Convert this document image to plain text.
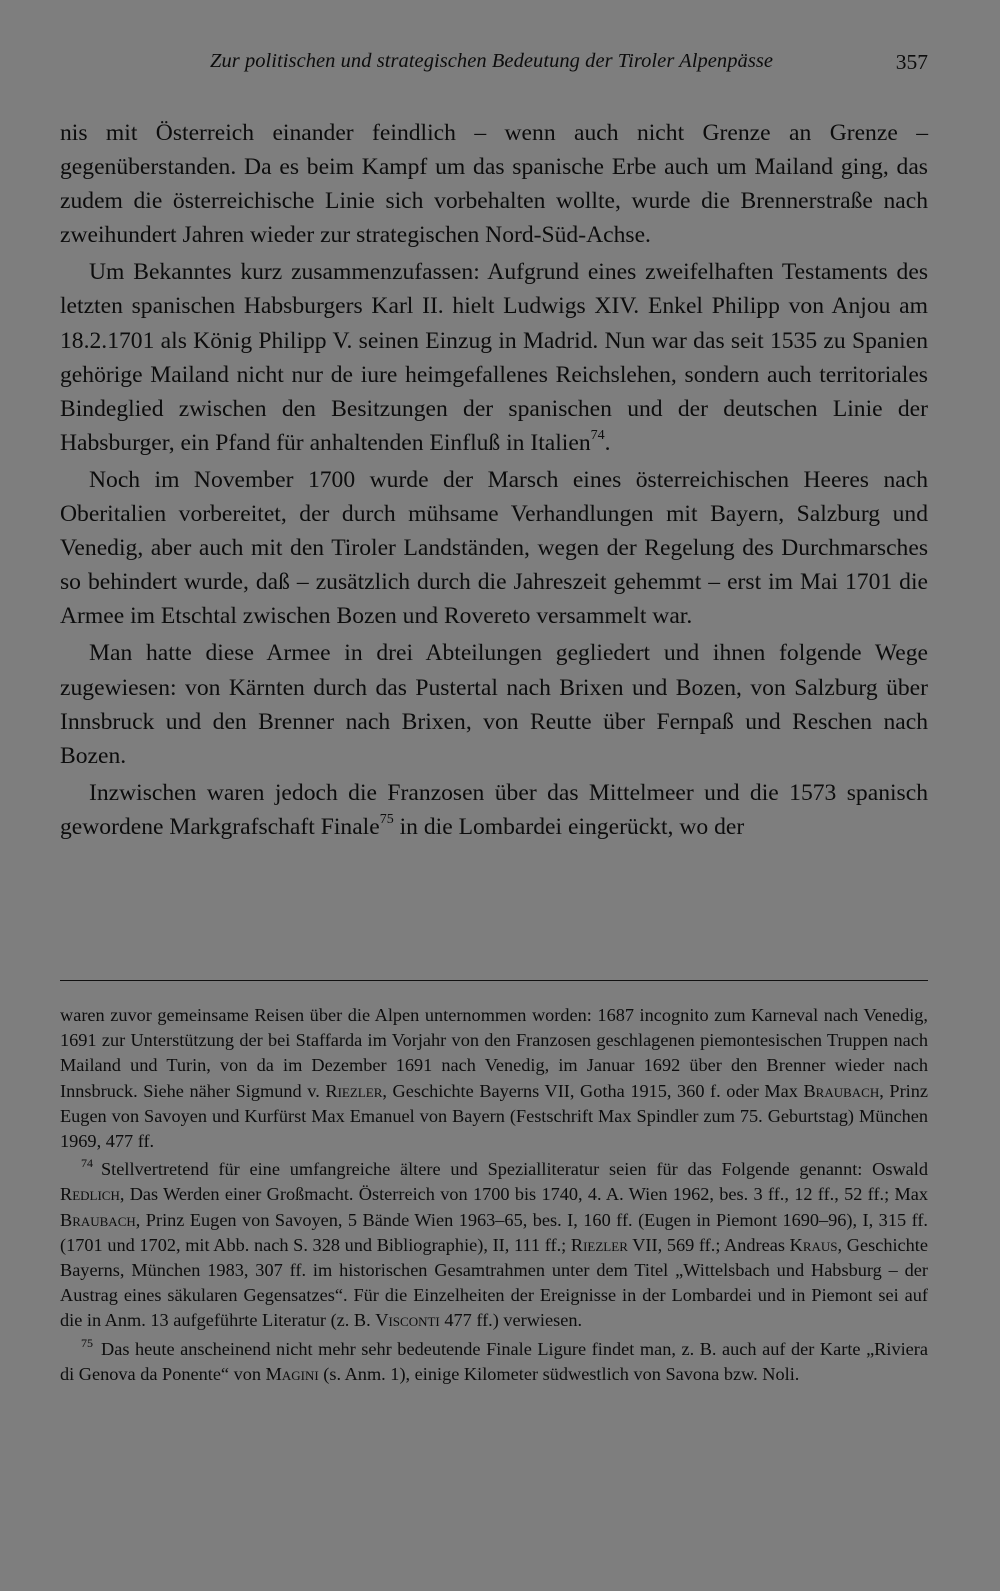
Zur politischen und strategischen Bedeutung der Tiroler Alpenpässe	357

nis mit Österreich einander feindlich – wenn auch nicht Grenze an Grenze – gegenüberstanden. Da es beim Kampf um das spanische Erbe auch um Mailand ging, das zudem die österreichische Linie sich vorbehalten wollte, wurde die Brennerstraße nach zweihundert Jahren wieder zur strategischen Nord-Süd-Achse.

Um Bekanntes kurz zusammenzufassen: Aufgrund eines zweifelhaften Testaments des letzten spanischen Habsburgers Karl II. hielt Ludwigs XIV. Enkel Philipp von Anjou am 18.2.1701 als König Philipp V. seinen Einzug in Madrid. Nun war das seit 1535 zu Spanien gehörige Mailand nicht nur de iure heimgefallenes Reichslehen, sondern auch territoriales Bindeglied zwischen den Besitzungen der spanischen und der deutschen Linie der Habsburger, ein Pfand für anhaltenden Einfluß in Italien$^{74}$.

Noch im November 1700 wurde der Marsch eines österreichischen Heeres nach Oberitalien vorbereitet, der durch mühsame Verhandlungen mit Bayern, Salzburg und Venedig, aber auch mit den Tiroler Landständen, wegen der Regelung des Durchmarsches so behindert wurde, daß – zusätzlich durch die Jahreszeit gehemmt – erst im Mai 1701 die Armee im Etschtal zwischen Bozen und Rovereto versammelt war.

Man hatte diese Armee in drei Abteilungen gegliedert und ihnen folgende Wege zugewiesen: von Kärnten durch das Pustertal nach Brixen und Bozen, von Salzburg über Innsbruck und den Brenner nach Brixen, von Reutte über Fernpaß und Reschen nach Bozen.

Inzwischen waren jedoch die Franzosen über das Mittelmeer und die 1573 spanisch gewordene Markgrafschaft Finale$^{75}$ in die Lombardei eingerückt, wo der

waren zuvor gemeinsame Reisen über die Alpen unternommen worden: 1687 incognito zum Karneval nach Venedig, 1691 zur Unterstützung der bei Staffarda im Vorjahr von den Franzosen geschlagenen piemontesischen Truppen nach Mailand und Turin, von da im Dezember 1691 nach Venedig, im Januar 1692 über den Brenner wieder nach Innsbruck. Siehe näher Sigmund v. Riezler, Geschichte Bayerns VII, Gotha 1915, 360 f. oder Max Braubach, Prinz Eugen von Savoyen und Kurfürst Max Emanuel von Bayern (Festschrift Max Spindler zum 75. Geburtstag) München 1969, 477 ff.

$^{74}$ Stellvertretend für eine umfangreiche ältere und Spezialliteratur seien für das Folgende genannt: Oswald Redlich, Das Werden einer Großmacht. Österreich von 1700 bis 1740, 4. A. Wien 1962, bes. 3 ff., 12 ff., 52 ff.; Max Braubach, Prinz Eugen von Savoyen, 5 Bände Wien 1963–65, bes. I, 160 ff. (Eugen in Piemont 1690–96), I, 315 ff. (1701 und 1702, mit Abb. nach S. 328 und Bibliographie), II, 111 ff.; Riezler VII, 569 ff.; Andreas Kraus, Geschichte Bayerns, München 1983, 307 ff. im historischen Gesamtrahmen unter dem Titel „Wittelsbach und Habsburg – der Austrag eines säkularen Gegensatzes“. Für die Einzelheiten der Ereignisse in der Lombardei und in Piemont sei auf die in Anm. 13 aufgeführte Literatur (z. B. Visconti 477 ff.) verwiesen.

$^{75}$ Das heute anscheinend nicht mehr sehr bedeutende Finale Ligure findet man, z. B. auch auf der Karte „Riviera di Genova da Ponente“ von Magini (s. Anm. 1), einige Kilometer südwestlich von Savona bzw. Noli.
